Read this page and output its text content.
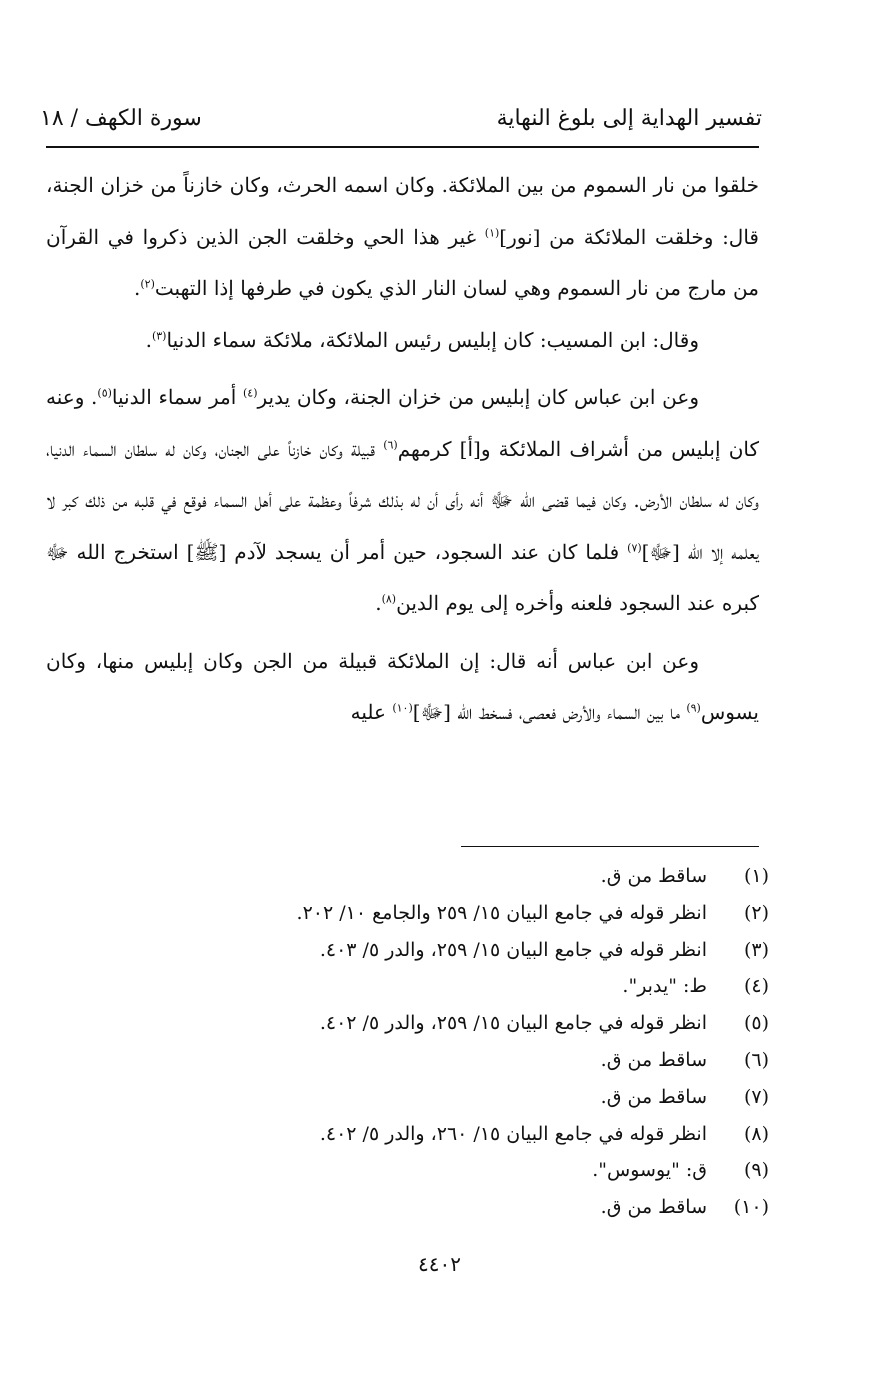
تفسير الهداية إلى بلوغ النهاية
سورة الكهف / ١٨

خلقوا من نار السموم من بين الملائكة. وكان اسمه الحرث، وكان خازناً من خزان الجنة، قال: وخلقت الملائكة من [نور]$^{(١)}$ غير هذا الحي وخلقت الجن الذين ذكروا في القرآن من مارج من نار السموم وهي لسان النار الذي يكون في طرفها إذا التهبت$^{(٢)}$.

وقال: ابن المسيب: كان إبليس رئيس الملائكة، ملائكة سماء الدنيا$^{(٣)}$.

وعن ابن عباس كان إبليس من خزان الجنة، وكان يدير$^{(٤)}$ أمر سماء الدنيا$^{(٥)}$. وعنه كان إبليس من أشراف الملائكة و[أ] كرمهم$^{(٦)}$ قبيلة وكان خازناً على الجنان، وكان له سلطان السماء الدنيا، وكان له سلطان الأرض. وكان فيما قضى الله ﷻ أنه رأى أن له بذلك شرفاً وعظمة على أهل السماء فوقع في قلبه من ذلك كبر لا يعلمه إلا الله [ﷻ]$^{(٧)}$ فلما كان عند السجود، حين أمر أن يسجد لآدم [ﷺ] استخرج الله ﷻ كبره عند السجود فلعنه وأخره إلى يوم الدين$^{(٨)}$.

وعن ابن عباس أنه قال: إن الملائكة قبيلة من الجن وكان إبليس منها، وكان يسوس$^{(٩)}$ ما بين السماء والأرض فعصى، فسخط الله [ﷻ]$^{(١٠)}$ عليه

(١)
ساقط من ق.
(٢)
انظر قوله في جامع البيان ١٥/ ٢٥٩ والجامع ١٠/ ٢٠٢.
(٣)
انظر قوله في جامع البيان ١٥/ ٢٥٩، والدر ٥/ ٤٠٣.
(٤)
ط: "يدبر".
(٥)
انظر قوله في جامع البيان ١٥/ ٢٥٩، والدر ٥/ ٤٠٢.
(٦)
ساقط من ق.
(٧)
ساقط من ق.
(٨)
انظر قوله في جامع البيان ١٥/ ٢٦٠، والدر ٥/ ٤٠٢.
(٩)
ق: "يوسوس".
(١٠)
ساقط من ق.
٤٤٠٢
